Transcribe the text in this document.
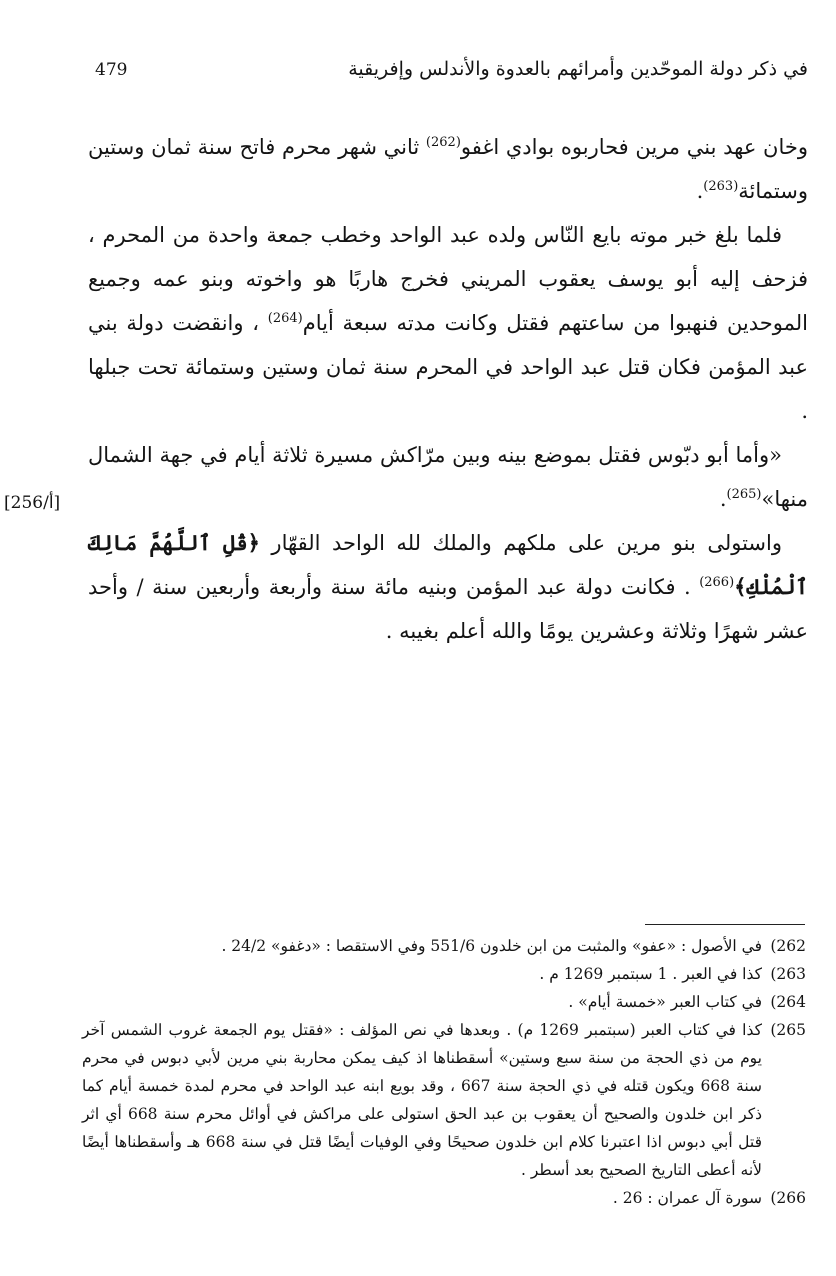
479	في ذكر دولة الموحّدين وأمرائهم بالعدوة والأندلس وإفريقية

وخان عهد بني مرين فحاربوه بوادي اغفو$^{(262)}$ ثاني شهر محرم فاتح سنة ثمان وستين وستمائة$^{(263)}$.

فلما بلغ خبر موته بايع النّاس ولده عبد الواحد وخطب جمعة واحدة من المحرم ، فزحف إليه أبو يوسف يعقوب المريني فخرج هاربًا هو واخوته وبنو عمه وجميع الموحدين فنهبوا من ساعتهم فقتل وكانت مدته سبعة أيام$^{(264)}$ ، وانقضت دولة بني عبد المؤمن فكان قتل عبد الواحد في المحرم سنة ثمان وستين وستمائة تحت جبلها .

«وأما أبو دبّوس فقتل بموضع بينه وبين مرّاكش مسيرة ثلاثة أيام في جهة الشمال منها»$^{(265)}$.

واستولى بنو مرين على ملكهم والملك لله الواحد القهّار ﴿قُلِ ٱللَّهُمَّ مَالِكَ ٱلْمُلْكِ﴾$^{(266)}$ . فكانت دولة عبد المؤمن وبنيه مائة سنة وأربعة وأربعين سنة / وأحد عشر شهرًا وثلاثة وعشرين يومًا والله أعلم بغيبه .

[256/أ]
262)
في الأصول : «عفو» والمثبت من ابن خلدون 551/6 وفي الاستقصا : «دغفو» 24/2 .
263)
كذا في العبر . 1 سبتمبر 1269 م .
264)
في كتاب العبر «خمسة أيام» .
265)
كذا في كتاب العبر (سبتمبر 1269 م) . وبعدها في نص المؤلف : «فقتل يوم الجمعة غروب الشمس آخر يوم من ذي الحجة من سنة سبع وستين» أسقطناها اذ كيف يمكن محاربة بني مرين لأبي دبوس في محرم سنة 668 ويكون قتله في ذي الحجة سنة 667 ، وقد بويع ابنه عبد الواحد في محرم لمدة خمسة أيام كما ذكر ابن خلدون والصحيح أن يعقوب بن عبد الحق استولى على مراكش في أوائل محرم سنة 668 أي اثر قتل أبي دبوس اذا اعتبرنا كلام ابن خلدون صحيحًا وفي الوفيات أيضًا قتل في سنة 668 هـ وأسقطناها أيضًا لأنه أعطى التاريخ الصحيح بعد أسطر .
266)
سورة آل عمران : 26 .
